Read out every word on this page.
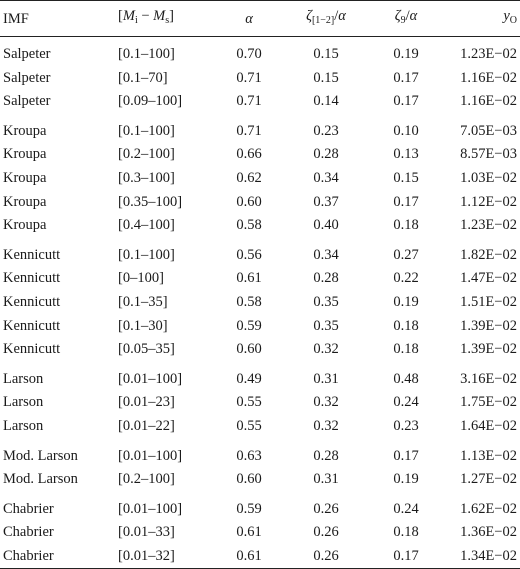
IMF	$[M_i - M_s]$	α	$\zeta_{[1-2]}/\alpha$	$\zeta_9/\alpha$	$y_O$
Salpeter	[0.1–100]	0.70	0.15	0.19	1.23E−02
Salpeter	[0.1–70]	0.71	0.15	0.17	1.16E−02
Salpeter	[0.09–100]	0.71	0.14	0.17	1.16E−02
Kroupa	[0.1–100]	0.71	0.23	0.10	7.05E−03
Kroupa	[0.2–100]	0.66	0.28	0.13	8.57E−03
Kroupa	[0.3–100]	0.62	0.34	0.15	1.03E−02
Kroupa	[0.35–100]	0.60	0.37	0.17	1.12E−02
Kroupa	[0.4–100]	0.58	0.40	0.18	1.23E−02
Kennicutt	[0.1–100]	0.56	0.34	0.27	1.82E−02
Kennicutt	[0–100]	0.61	0.28	0.22	1.47E−02
Kennicutt	[0.1–35]	0.58	0.35	0.19	1.51E−02
Kennicutt	[0.1–30]	0.59	0.35	0.18	1.39E−02
Kennicutt	[0.05–35]	0.60	0.32	0.18	1.39E−02
Larson	[0.01–100]	0.49	0.31	0.48	3.16E−02
Larson	[0.01–23]	0.55	0.32	0.24	1.75E−02
Larson	[0.01–22]	0.55	0.32	0.23	1.64E−02
Mod. Larson	[0.01–100]	0.63	0.28	0.17	1.13E−02
Mod. Larson	[0.2–100]	0.60	0.31	0.19	1.27E−02
Chabrier	[0.01–100]	0.59	0.26	0.24	1.62E−02
Chabrier	[0.01–33]	0.61	0.26	0.18	1.36E−02
Chabrier	[0.01–32]	0.61	0.26	0.17	1.34E−02
